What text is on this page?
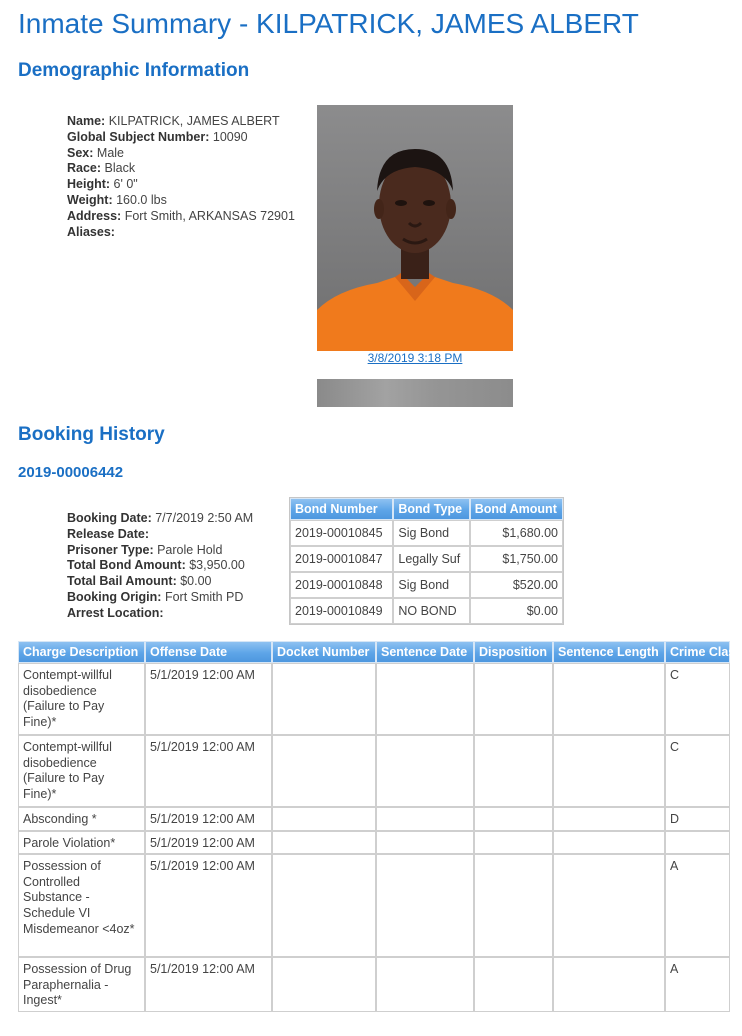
Inmate Summary - KILPATRICK, JAMES ALBERT
Demographic Information
Name: KILPATRICK, JAMES ALBERT
Global Subject Number: 10090
Sex: Male
Race: Black
Height: 6' 0"
Weight: 160.0 lbs
Address: Fort Smith, ARKANSAS 72901
Aliases:
3/8/2019 3:18 PM
Booking History
2019-00006442
Booking Date: 7/7/2019 2:50 AM
Release Date:
Prisoner Type: Parole Hold
Total Bond Amount: $3,950.00
Total Bail Amount: $0.00
Booking Origin: Fort Smith PD
Arrest Location:
Bond Number	Bond Type	Bond Amount
2019-00010845	Sig Bond	$1,680.00
2019-00010847	Legally Suf	$1,750.00
2019-00010848	Sig Bond	$520.00
2019-00010849	NO BOND	$0.00
Charge Description	Offense Date	Docket Number	Sentence Date	Disposition	Sentence Length	Crime Class
Contempt-willful disobedience (Failure to Pay Fine)*	5/1/2019 12:00 AM					C
Contempt-willful disobedience (Failure to Pay Fine)*	5/1/2019 12:00 AM					C
Absconding *	5/1/2019 12:00 AM					D
Parole Violation*	5/1/2019 12:00 AM					
Possession of Controlled Substance - Schedule VI Misdemeanor <4oz*	5/1/2019 12:00 AM					A
Possession of Drug Paraphernalia - Ingest*	5/1/2019 12:00 AM					A
